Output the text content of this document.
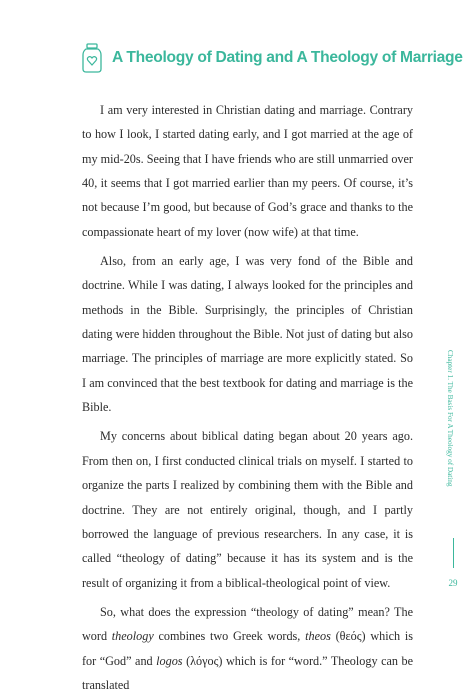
A Theology of Dating and A Theology of Marriage

I am very interested in Christian dating and marriage. Contrary to how I look, I started dating early, and I got married at the age of my mid-20s. Seeing that I have friends who are still unmarried over 40, it seems that I got married earlier than my peers. Of course, it’s not because I’m good, but because of God’s grace and thanks to the compassionate heart of my lover (now wife) at that time.

Also, from an early age, I was very fond of the Bible and doctrine. While I was dating, I always looked for the principles and methods in the Bible. Surprisingly, the principles of Christian dating were hidden throughout the Bible. Not just of dating but also marriage. The principles of marriage are more explicitly stated. So I am convinced that the best textbook for dating and marriage is the Bible.

My concerns about biblical dating began about 20 years ago. From then on, I first conducted clinical trials on myself. I started to organize the parts I realized by combining them with the Bible and doctrine. They are not entirely original, though, and I partly borrowed the language of previous researchers. In any case, it is called “theology of dating” because it has its system and is the result of organizing it from a biblical-theological point of view.

So, what does the expression “theology of dating” mean? The word theology combines two Greek words, theos (θεός) which is for “God” and logos (λόγος) which is for “word.” Theology can be translated

Chapter 1. The Basis For A Theology of Dating
29
